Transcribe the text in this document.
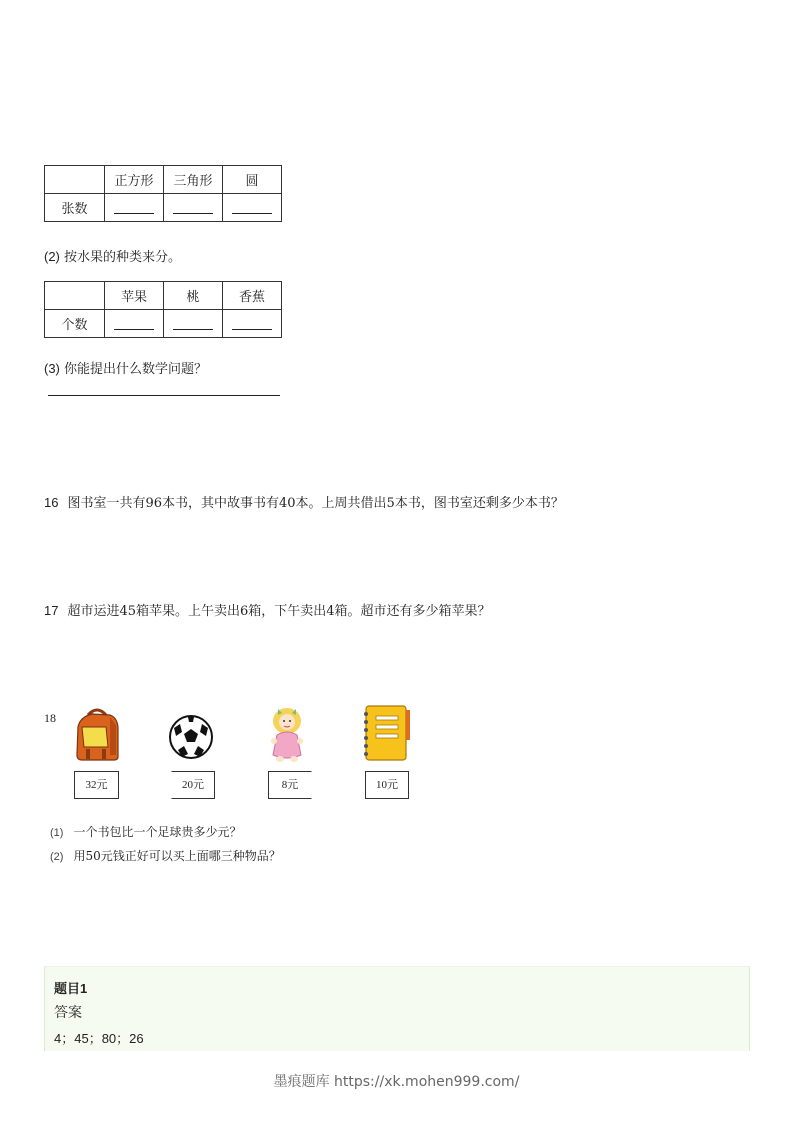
	正方形	三角形	圆
张数			
(2) 按水果的种类来分。
	苹果	桃	香蕉
个数			
(3) 你能提出什么数学问题？
16 图书室一共有96本书，其中故事书有40本。上周共借出5本书，图书室还剩多少本书？
17 超市运进45箱苹果。上午卖出6箱，下午卖出4箱。超市还有多少箱苹果？
18
32元	20元	8元	10元
(1) 一个书包比一个足球贵多少元？
(2) 用50元钱正好可以买上面哪三种物品？
题目1
答案
4；45；80；26
墨痕题库 https://xk.mohen999.com/
